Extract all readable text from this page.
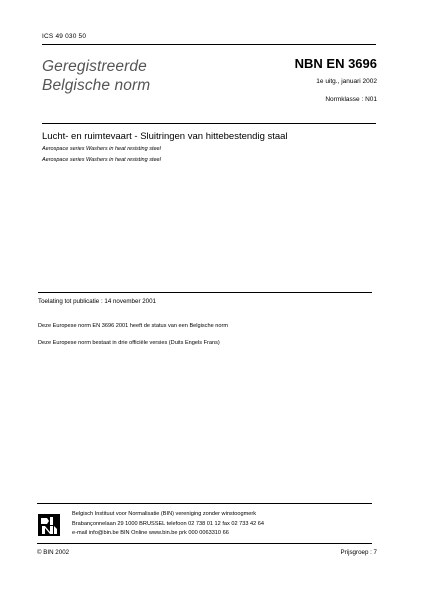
ICS 49 030 50
Geregistreerde
Belgische norm
NBN EN 3696
1e uitg., januari 2002
Normklasse : N01
Lucht- en ruimtevaart - Sluitringen van hittebestendig staal
Aerospace series Washers in heat resisting steel
Aerospace series Washers in heat resisting steel
Toelating tot publicatie : 14 november 2001
Deze Europese norm EN 3696 2001 heeft de status van een Belgische norm
Deze Europese norm bestaat in drie officiële versies (Duits Engels Frans)
Belgisch Instituut voor Normalisatie (BIN) vereniging zonder winstoogmerk
Brabançonnelaan 29 1000 BRUSSEL telefoon 02 738 01 12 fax 02 733 42 64
e-mail info@bin.be BIN Online www.bin.be prk 000 0063310 66
© BIN 2002	Prijsgroep : 7
